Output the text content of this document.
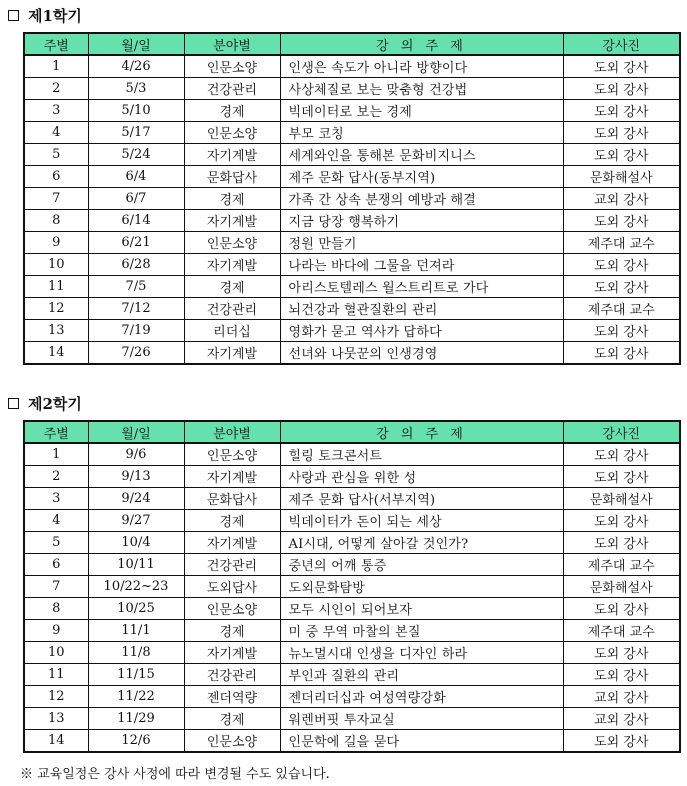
제1학기
주별	월/일	분야별	강 의 주 제	강사진
1	4/26	인문소양	인생은 속도가 아니라 방향이다	도외 강사
2	5/3	건강관리	사상체질로 보는 맞춤형 건강법	도외 강사
3	5/10	경제	빅데이터로 보는 경제	도외 강사
4	5/17	인문소양	부모 코칭	도외 강사
5	5/24	자기계발	세계와인을 통해본 문화비지니스	도외 강사
6	6/4	문화답사	제주 문화 답사(동부지역)	문화해설사
7	6/7	경제	가족 간 상속 분쟁의 예방과 해결	교외 강사
8	6/14	자기계발	지금 당장 행복하기	도외 강사
9	6/21	인문소양	정원 만들기	제주대 교수
10	6/28	자기계발	나라는 바다에 그물을 던져라	도외 강사
11	7/5	경제	아리스토텔레스 월스트리트로 가다	도외 강사
12	7/12	건강관리	뇌건강과 혈관질환의 관리	제주대 교수
13	7/19	리더십	영화가 묻고 역사가 답하다	도외 강사
14	7/26	자기계발	선녀와 나뭇꾼의 인생경영	도외 강사
제2학기
주별	월/일	분야별	강 의 주 제	강사진
1	9/6	인문소양	힐링 토크콘서트	도외 강사
2	9/13	자기계발	사랑과 관심을 위한 성	도외 강사
3	9/24	문화답사	제주 문화 답사(서부지역)	문화해설사
4	9/27	경제	빅데이터가 돈이 되는 세상	도외 강사
5	10/4	자기계발	AI시대, 어떻게 살아갈 것인가?	도외 강사
6	10/11	건강관리	중년의 어깨 통증	제주대 교수
7	10/22~23	도외답사	도외문화탐방	문화해설사
8	10/25	인문소양	모두 시인이 되어보자	도외 강사
9	11/1	경제	미 중 무역 마찰의 본질	제주대 교수
10	11/8	자기계발	뉴노멀시대 인생을 디자인 하라	도외 강사
11	11/15	건강관리	부인과 질환의 관리	도외 강사
12	11/22	젠더역량	젠더리더십과 여성역량강화	교외 강사
13	11/29	경제	워렌버핏 투자교실	교외 강사
14	12/6	인문소양	인문학에 길을 묻다	도외 강사
※ 교육일정은 강사 사정에 따라 변경될 수도 있습니다.
